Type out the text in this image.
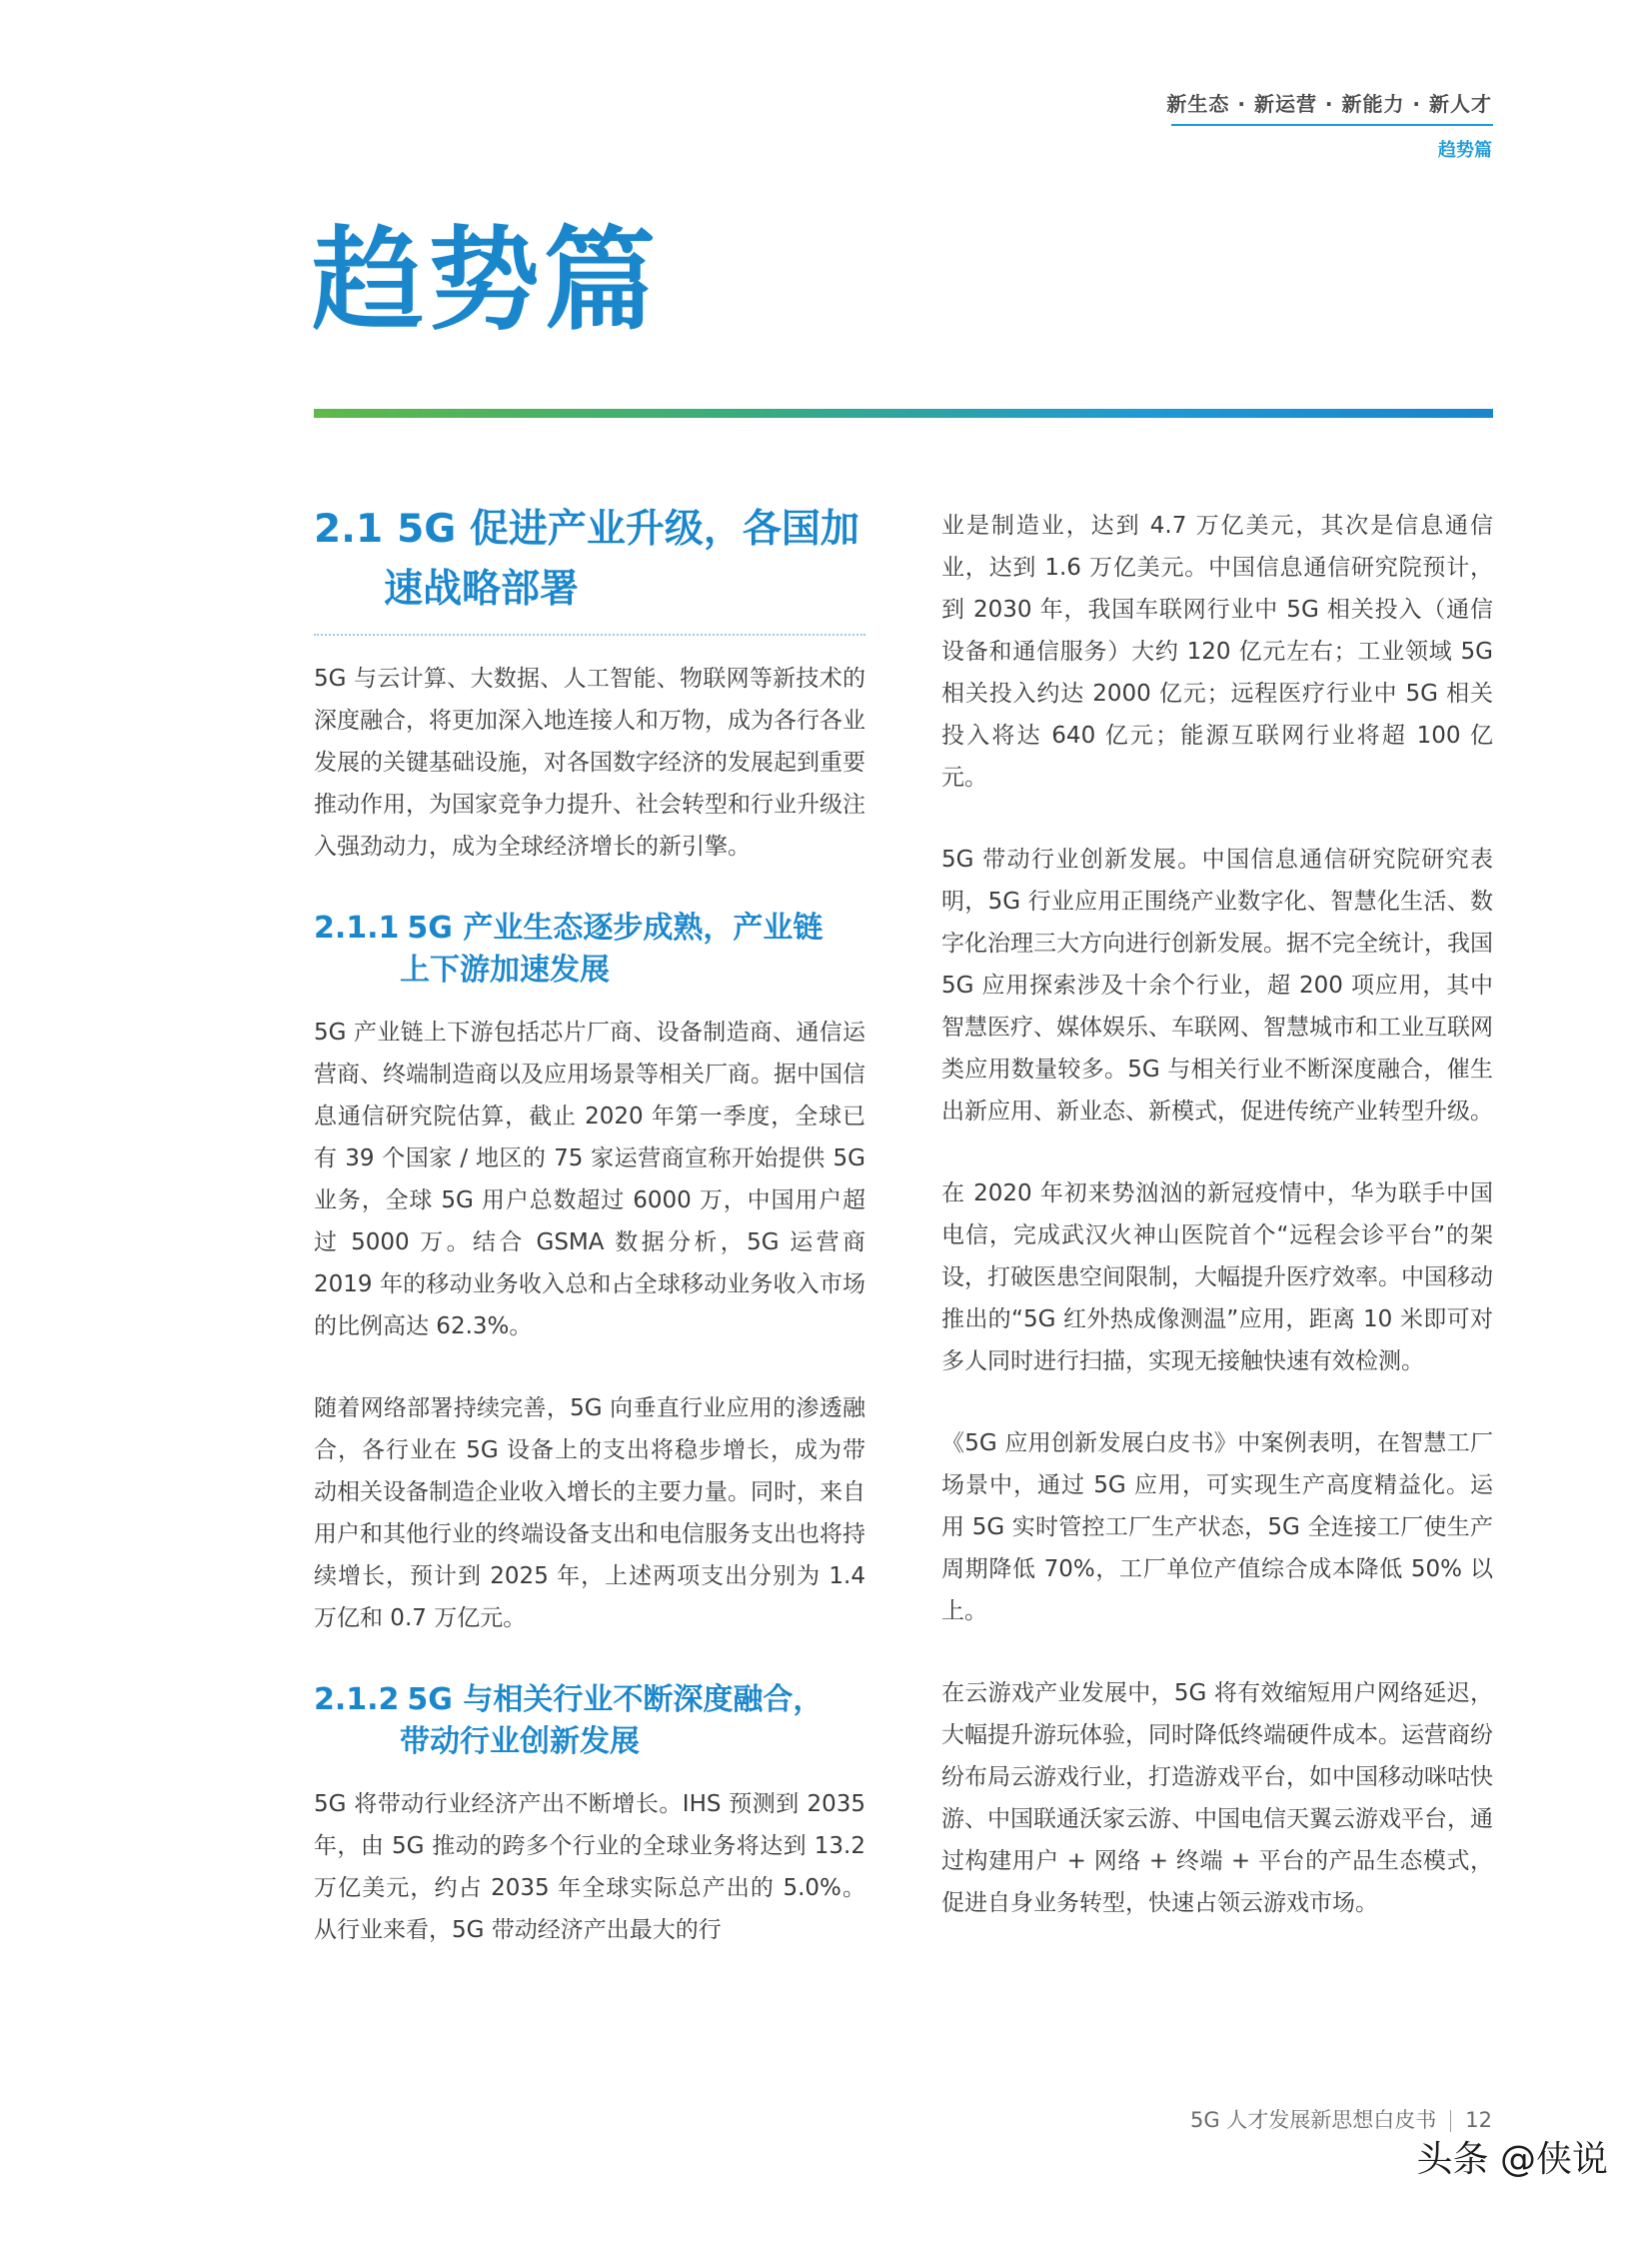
新生态 · 新运营 · 新能力 · 新人才
趋势篇
趋势篇
2.1 5G 促进产业升级，各国加
速战略部署

5G 与云计算、大数据、人工智能、物联网等新技术的深度融合，将更加深入地连接人和万物，成为各行各业发展的关键基础设施，对各国数字经济的发展起到重要推动作用，为国家竞争力提升、社会转型和行业升级注入强劲动力，成为全球经济增长的新引擎。

2.1.1 5G 产业生态逐步成熟，产业链
上下游加速发展

5G 产业链上下游包括芯片厂商、设备制造商、通信运营商、终端制造商以及应用场景等相关厂商。据中国信息通信研究院估算，截止 2020 年第一季度，全球已有 39 个国家 / 地区的 75 家运营商宣称开始提供 5G 业务，全球 5G 用户总数超过 6000 万，中国用户超过 5000 万。结合 GSMA 数据分析，5G 运营商 2019 年的移动业务收入总和占全球移动业务收入市场的比例高达 62.3%。

随着网络部署持续完善，5G 向垂直行业应用的渗透融合，各行业在 5G 设备上的支出将稳步增长，成为带动相关设备制造企业收入增长的主要力量。同时，来自用户和其他行业的终端设备支出和电信服务支出也将持续增长，预计到 2025 年，上述两项支出分别为 1.4 万亿和 0.7 万亿元。

2.1.2 5G 与相关行业不断深度融合，
带动行业创新发展

5G 将带动行业经济产出不断增长。IHS 预测到 2035 年，由 5G 推动的跨多个行业的全球业务将达到 13.2 万亿美元，约占 2035 年全球实际总产出的 5.0%。从行业来看，5G 带动经济产出最大的行

业是制造业，达到 4.7 万亿美元，其次是信息通信业，达到 1.6 万亿美元。中国信息通信研究院预计，到 2030 年，我国车联网行业中 5G 相关投入（通信设备和通信服务）大约 120 亿元左右；工业领域 5G 相关投入约达 2000 亿元；远程医疗行业中 5G 相关投入将达 640 亿元；能源互联网行业将超 100 亿元。

5G 带动行业创新发展。中国信息通信研究院研究表明，5G 行业应用正围绕产业数字化、智慧化生活、数字化治理三大方向进行创新发展。据不完全统计，我国 5G 应用探索涉及十余个行业，超 200 项应用，其中智慧医疗、媒体娱乐、车联网、智慧城市和工业互联网类应用数量较多。5G 与相关行业不断深度融合，催生出新应用、新业态、新模式，促进传统产业转型升级。

在 2020 年初来势汹汹的新冠疫情中，华为联手中国电信，完成武汉火神山医院首个“远程会诊平台”的架设，打破医患空间限制，大幅提升医疗效率。中国移动推出的“5G 红外热成像测温”应用，距离 10 米即可对多人同时进行扫描，实现无接触快速有效检测。

《5G 应用创新发展白皮书》中案例表明，在智慧工厂场景中，通过 5G 应用，可实现生产高度精益化。运用 5G 实时管控工厂生产状态，5G 全连接工厂使生产周期降低 70%，工厂单位产值综合成本降低 50% 以上。

在云游戏产业发展中，5G 将有效缩短用户网络延迟，大幅提升游玩体验，同时降低终端硬件成本。运营商纷纷布局云游戏行业，打造游戏平台，如中国移动咪咕快游、中国联通沃家云游、中国电信天翼云游戏平台，通过构建用户 + 网络 + 终端 + 平台的产品生态模式，促进自身业务转型，快速占领云游戏市场。

5G 人才发展新思想白皮书 12
头条 @侠说
